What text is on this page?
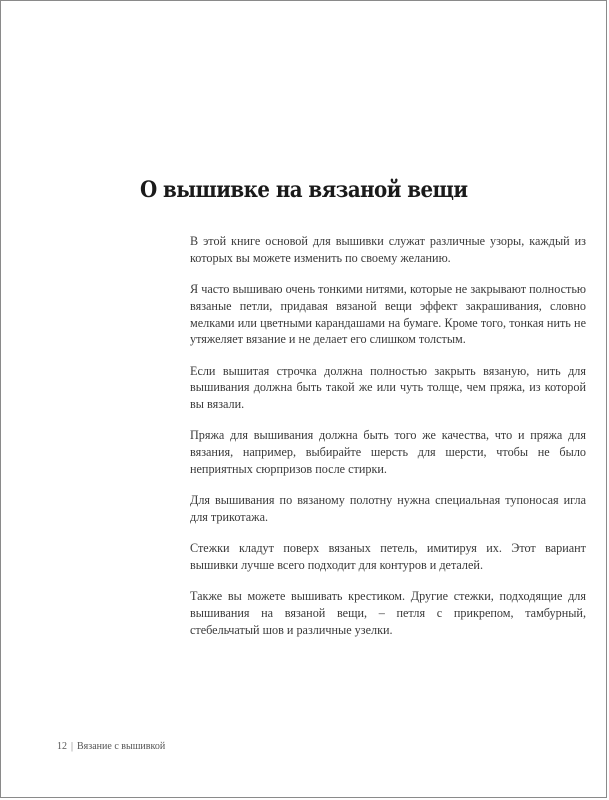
О вышивке на вязаной вещи

В этой книге основой для вышивки служат различные узоры, каждый из которых вы можете изменить по своему желанию.

Я часто вышиваю очень тонкими нитями, которые не закрывают полностью вязаные петли, придавая вязаной вещи эффект закрашивания, словно мелками или цветными карандашами на бумаге. Кроме того, тонкая нить не утяжеляет вязание и не делает его слишком толстым.

Если вышитая строчка должна полностью закрыть вязаную, нить для вышивания должна быть такой же или чуть толще, чем пряжа, из которой вы вязали.

Пряжа для вышивания должна быть того же качества, что и пряжа для вязания, например, выбирайте шерсть для шерсти, чтобы не было неприятных сюрпризов после стирки.

Для вышивания по вязаному полотну нужна специальная тупоносая игла для трикотажа.

Стежки кладут поверх вязаных петель, имитируя их. Этот вариант вышивки лучше всего подходит для контуров и деталей.

Также вы можете вышивать крестиком. Другие стежки, подходящие для вышивания на вязаной вещи, – петля с прикрепом, тамбурный, стебельчатый шов и различные узелки.

12 | Вязание с вышивкой
